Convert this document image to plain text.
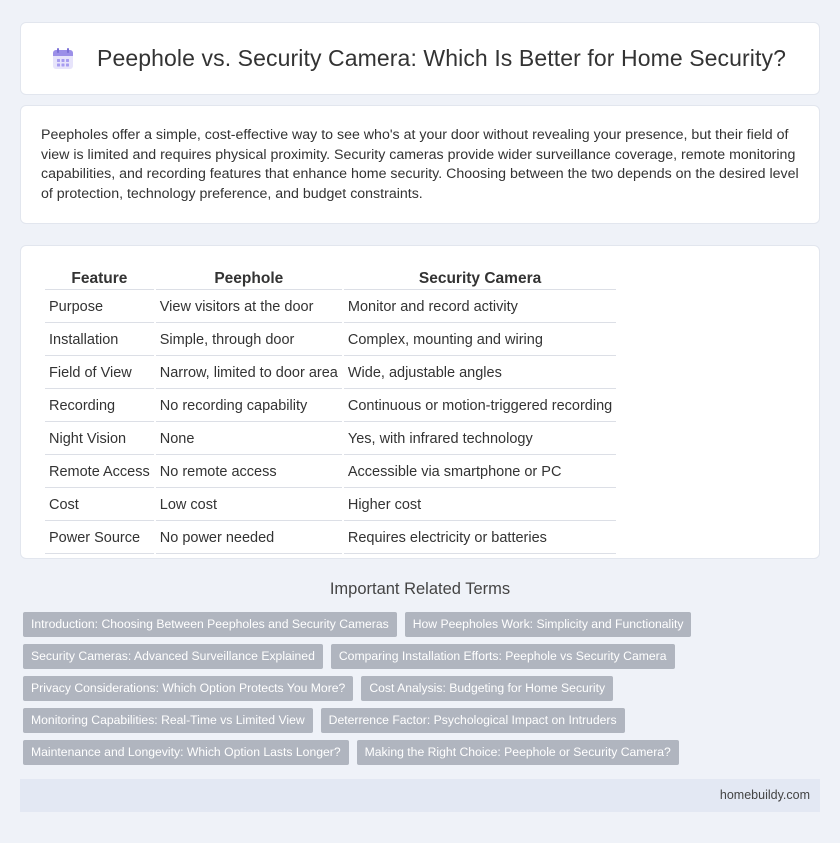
Peephole vs. Security Camera: Which Is Better for Home Security?

Peepholes offer a simple, cost-effective way to see who's at your door without revealing your presence, but their field of view is limited and requires physical proximity. Security cameras provide wider surveillance coverage, remote monitoring capabilities, and recording features that enhance home security. Choosing between the two depends on the desired level of protection, technology preference, and budget constraints.

Feature	Peephole	Security Camera
Purpose	View visitors at the door	Monitor and record activity
Installation	Simple, through door	Complex, mounting and wiring
Field of View	Narrow, limited to door area	Wide, adjustable angles
Recording	No recording capability	Continuous or motion-triggered recording
Night Vision	None	Yes, with infrared technology
Remote Access	No remote access	Accessible via smartphone or PC
Cost	Low cost	Higher cost
Power Source	No power needed	Requires electricity or batteries
Important Related Terms
Introduction: Choosing Between Peepholes and Security Cameras	How Peepholes Work: Simplicity and Functionality
Security Cameras: Advanced Surveillance Explained	Comparing Installation Efforts: Peephole vs Security Camera
Privacy Considerations: Which Option Protects You More?	Cost Analysis: Budgeting for Home Security
Monitoring Capabilities: Real-Time vs Limited View	Deterrence Factor: Psychological Impact on Intruders
Maintenance and Longevity: Which Option Lasts Longer?	Making the Right Choice: Peephole or Security Camera?
homebuildy.com
